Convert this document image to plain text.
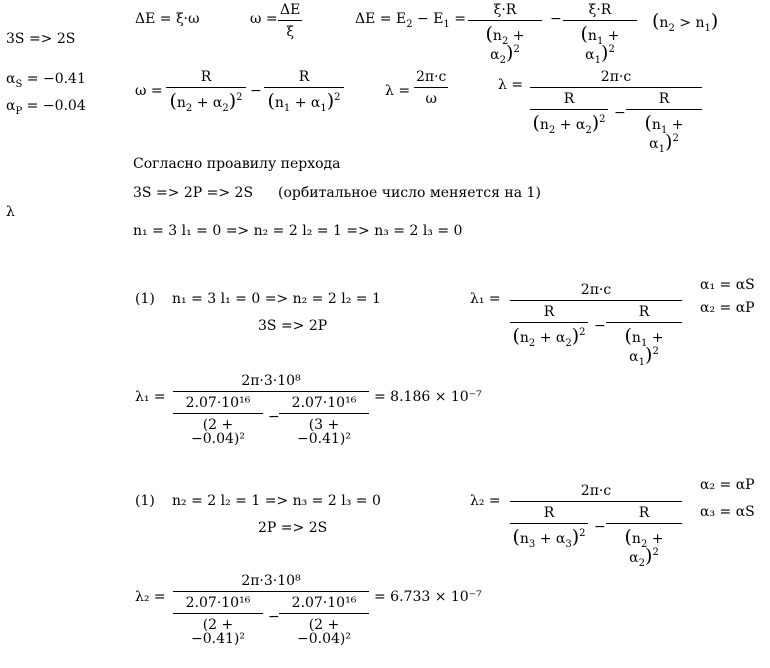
3S => 2S
$\alpha_S = -0.41$
$\alpha_P = -0.04$
λ
ΔE = ξ·ω	ω =
ΔE
ξ
$\Delta E = E_2 - E_1$ =
ξ·R
$(n_2 + \alpha_2)^2$
−
ξ·R
$(n_1 + \alpha_1)^2$
$(n_2 > n_1)$
ω =
R
$(n_2 + \alpha_2)^2$ −
R
$(n_1 + \alpha_1)^2$	λ =
2π·c
ω
λ =	2π·c
R
$(n_2 + \alpha_2)^2$ −
R
$(n_1 + \alpha_1)^2$
Согласно проавилу перхода
3S => 2P => 2S (орбитальное число меняется на 1)
n₁ = 3 l₁ = 0 => n₂ = 2 l₂ = 1 => n₃ = 2 l₃ = 0
(1) n₁ = 3 l₁ = 0 => n₂ = 2 l₂ = 1
3S => 2P
λ₁ =
2π·c
R
$(n_2 + \alpha_2)^2$ −
R
$(n_1 + \alpha_1)^2$
α₁ = αS
α₂ = αP
λ₁ =
2π·3·10⁸
2.07·10¹⁶
(2 + −0.04)²
−
2.07·10¹⁶
(3 + −0.41)²
= 8.186 × 10⁻⁷
(1) n₂ = 2 l₂ = 1 => n₃ = 2 l₃ = 0
2P => 2S
λ₂ =
2π·c
R
$(n_3 + \alpha_3)^2$ −
R
$(n_2 + \alpha_2)^2$
α₂ = αP
α₃ = αS
λ₂ =
2π·3·10⁸
2.07·10¹⁶
(2 + −0.41)²
−
2.07·10¹⁶
(2 + −0.04)²
= 6.733 × 10⁻⁷
